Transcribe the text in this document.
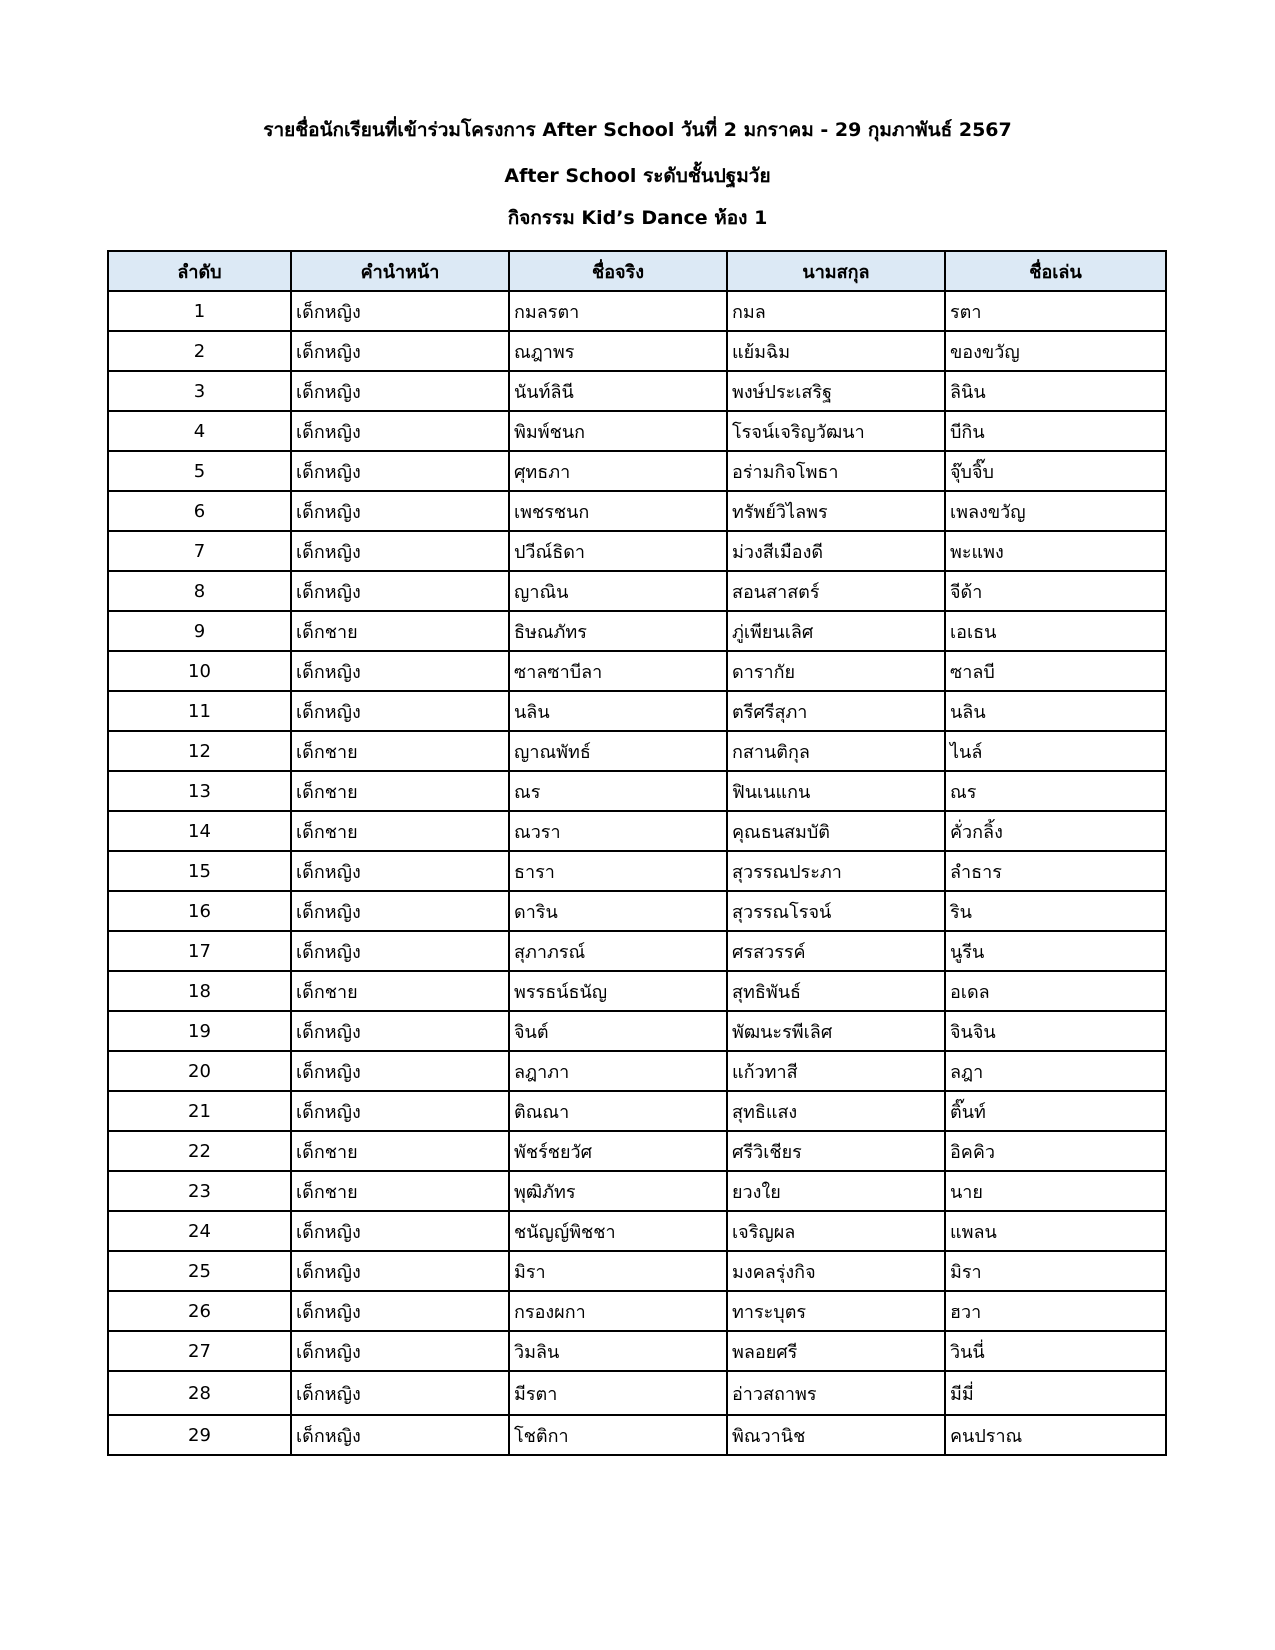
รายชื่อนักเรียนที่เข้าร่วมโครงการ After School วันที่ 2 มกราคม - 29 กุมภาพันธ์ 2567
After School ระดับชั้นปฐมวัย
กิจกรรม Kid’s Dance ห้อง 1
ลำดับ	คำนำหน้า	ชื่อจริง	นามสกุล	ชื่อเล่น
1	เด็กหญิง	กมลรตา	กมล	รตา
2	เด็กหญิง	ณฎาพร	แย้มฉิม	ของขวัญ
3	เด็กหญิง	นันท์ลินี	พงษ์ประเสริฐ	ลินิน
4	เด็กหญิง	พิมพ์ชนก	โรจน์เจริญวัฒนา	บีกิน
5	เด็กหญิง	ศุทธภา	อร่ามกิจโพธา	จุ๊บจิ๊บ
6	เด็กหญิง	เพชรชนก	ทรัพย์วิไลพร	เพลงขวัญ
7	เด็กหญิง	ปวีณ์ธิดา	ม่วงสีเมืองดี	พะแพง
8	เด็กหญิง	ญาณิน	สอนสาสตร์	จีด้า
9	เด็กชาย	ธิษณภัทร	ภู่เพียนเลิศ	เอเธน
10	เด็กหญิง	ซาลซาบีลา	ดารากัย	ซาลบี
11	เด็กหญิง	นลิน	ตรีศรีสุภา	นลิน
12	เด็กชาย	ญาณพัทธ์	กสานติกุล	ไนล์
13	เด็กชาย	ณร	ฟินเนแกน	ณร
14	เด็กชาย	ณวรา	คุณธนสมบัติ	คั่วกลิ้ง
15	เด็กหญิง	ธารา	สุวรรณประภา	ลำธาร
16	เด็กหญิง	ดาริน	สุวรรณโรจน์	ริน
17	เด็กหญิง	สุภาภรณ์	ศรสวรรค์	นูรีน
18	เด็กชาย	พรรธน์ธนัญ	สุทธิพันธ์	อเดล
19	เด็กหญิง	จินต์	พัฒนะรพีเลิศ	จินจิน
20	เด็กหญิง	ลฎาภา	แก้วทาสี	ลฎา
21	เด็กหญิง	ติณณา	สุทธิแสง	ติ๊นท์
22	เด็กชาย	พัชร์ชยวัศ	ศรีวิเชียร	อิคคิว
23	เด็กชาย	พุฒิภัทร	ยวงใย	นาย
24	เด็กหญิง	ชนัญญ์พิชชา	เจริญผล	แพลน
25	เด็กหญิง	มิรา	มงคลรุ่งกิจ	มิรา
26	เด็กหญิง	กรองผกา	ทาระบุตร	ฮวา
27	เด็กหญิง	วิมลิน	พลอยศรี	วินนี่
28	เด็กหญิง	มีรตา	อ่าวสถาพร	มีมี่
29	เด็กหญิง	โชติกา	พิณวานิช	คนปราณ
